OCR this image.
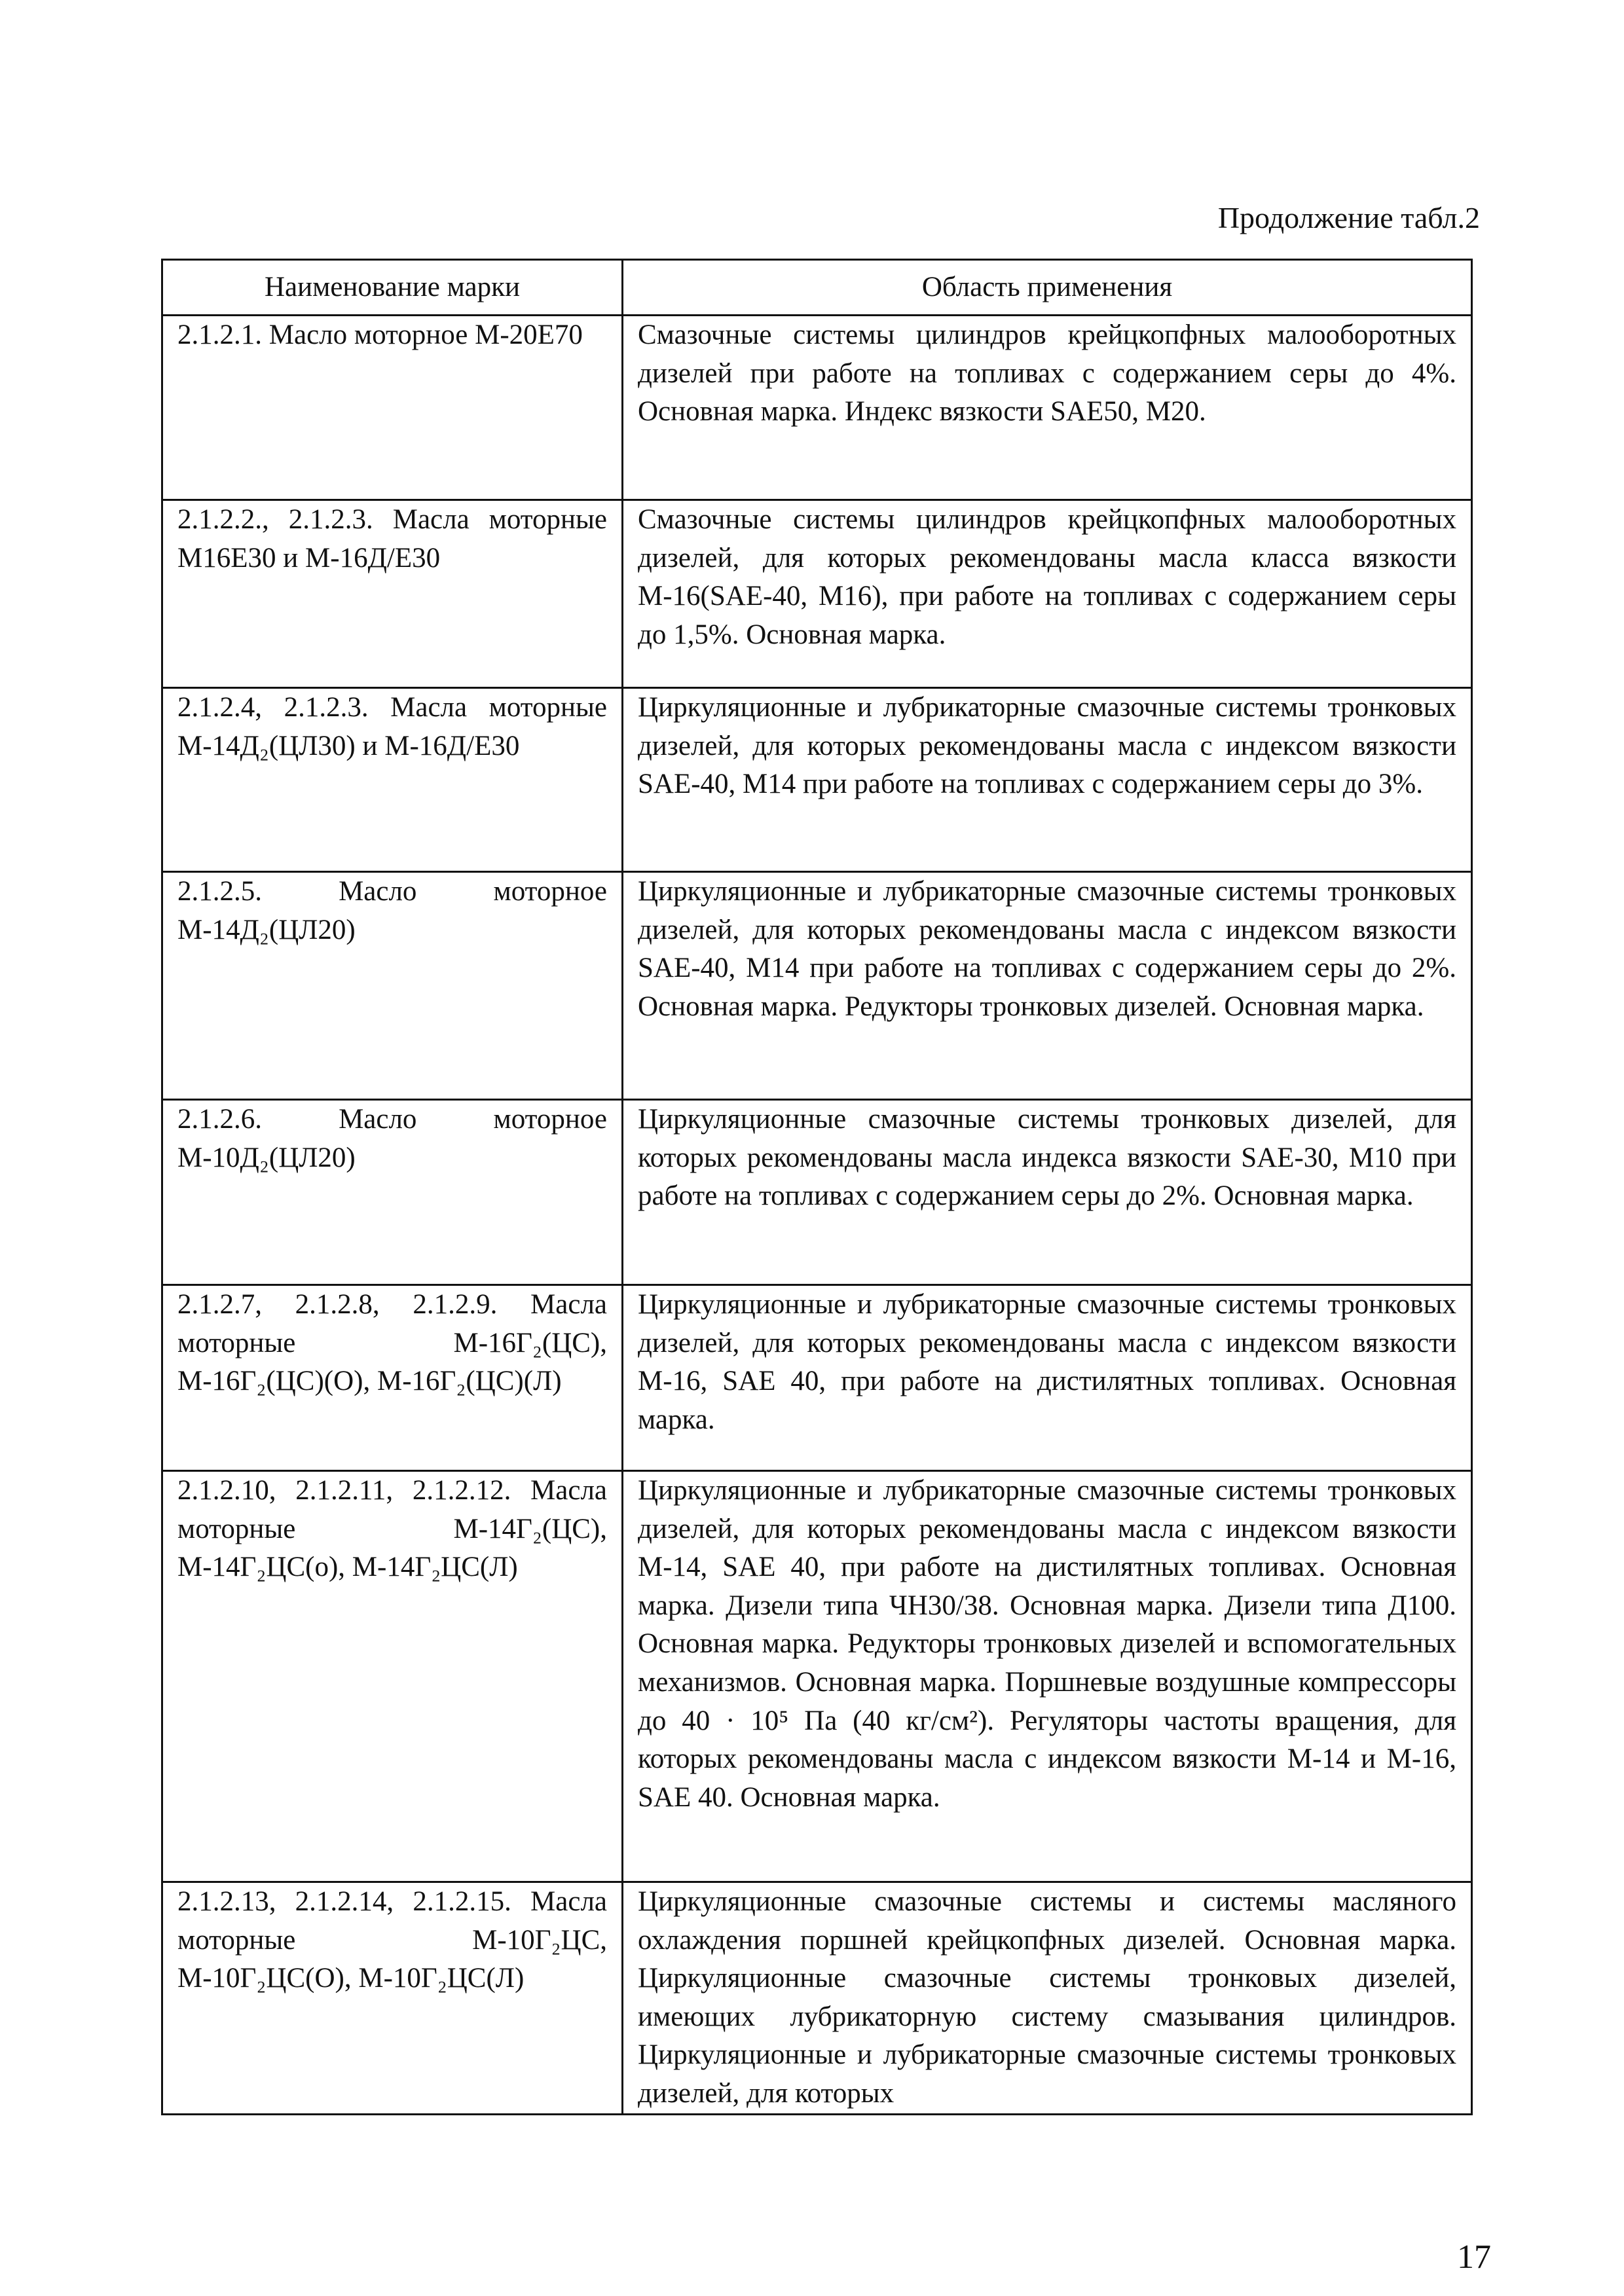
Продолжение табл.2
Наименование марки	Область применения
2.1.2.1. Масло моторное М-20Е70	Смазочные системы цилиндров крейцкопфных малооборотных дизелей при работе на топливах с содержанием серы до 4%. Основная марка. Индекс вязкости SAE50, М20.
2.1.2.2., 2.1.2.3. Масла моторные М16Е30 и М-16Д/Е30	Смазочные системы цилиндров крейцкопфных малооборотных дизелей, для которых рекомендованы масла класса вязкости М-16(SAE-40, M16), при работе на топливах с содержанием серы до 1,5%. Основная марка.
2.1.2.4, 2.1.2.3. Масла моторные М-14Д₂(ЦЛ30) и М-16Д/Е30	Циркуляционные и лубрикаторные смазочные системы тронковых дизелей, для которых рекомендованы масла с индексом вязкости SAE-40, M14 при работе на топливах с содержанием серы до 3%.
2.1.2.5. Масло моторное М-14Д₂(ЦЛ20)	Циркуляционные и лубрикаторные смазочные системы тронковых дизелей, для которых рекомендованы масла с индексом вязкости SAE-40, M14 при работе на топливах с содержанием серы до 2%. Основная марка. Редукторы тронковых дизелей. Основная марка.
2.1.2.6. Масло моторное М-10Д₂(ЦЛ20)	Циркуляционные смазочные системы тронковых дизелей, для которых рекомендованы масла индекса вязкости SAE-30, M10 при работе на топливах с содержанием серы до 2%. Основная марка.
2.1.2.7, 2.1.2.8, 2.1.2.9. Масла моторные М-16Г₂(ЦС), М-16Г₂(ЦС)(О), М-16Г₂(ЦС)(Л)	Циркуляционные и лубрикаторные смазочные системы тронковых дизелей, для которых рекомендованы масла с индексом вязкости М-16, SAE 40, при работе на дистилятных топливах. Основная марка.
2.1.2.10, 2.1.2.11, 2.1.2.12. Масла моторные М-14Г₂(ЦС), М-14Г₂ЦС(о), М-14Г₂ЦС(Л)	Циркуляционные и лубрикаторные смазочные системы тронковых дизелей, для которых рекомендованы масла с индексом вязкости М-14, SAE 40, при работе на дистилятных топливах. Основная марка. Дизели типа ЧН30/38. Основная марка. Дизели типа Д100. Основная марка. Редукторы тронковых дизелей и вспомогательных механизмов. Основная марка. Поршневые воздушные компрессоры до 40 · 10⁵ Па (40 кг/см²). Регуляторы частоты вращения, для которых рекомендованы масла с индексом вязкости М-14 и М-16, SAE 40. Основная марка.
2.1.2.13, 2.1.2.14, 2.1.2.15. Масла моторные М-10Г₂ЦС, М-10Г₂ЦС(О), М-10Г₂ЦС(Л)	Циркуляционные смазочные системы и системы масляного охлаждения поршней крейцкопфных дизелей. Основная марка. Циркуляционные смазочные системы тронковых дизелей, имеющих лубрикаторную систему смазывания цилиндров. Циркуляционные и лубрикаторные смазочные системы тронковых дизелей, для которых
17
